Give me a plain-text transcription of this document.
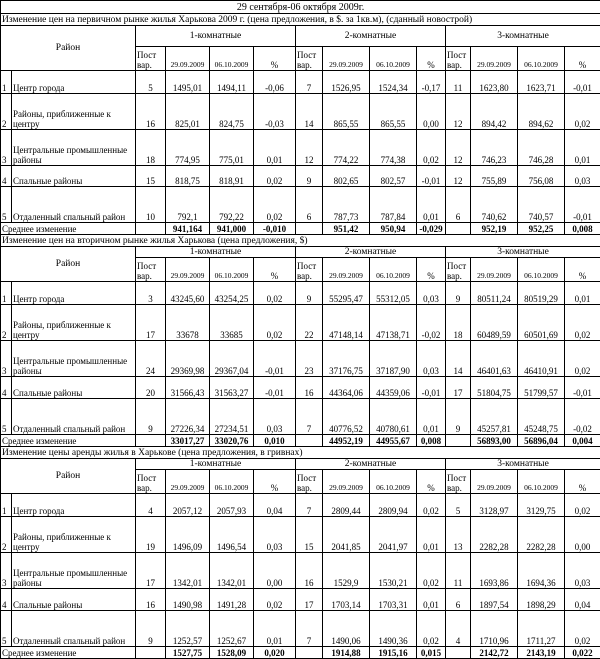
29 сентября-06 октября 2009г.													
Изменение цен на первичном рынке жилья Харькова 2009 г. (цена предложения, в $. за 1кв.м), (сданный новострой)													
Район		1-комнатные				2-комнатные				3-комнатные			
		Пост вар.	29.09.2009	06.10.2009	%	Пост вар.	29.09.2009	06.10.2009	%	Пост вар.	29.09.2009	06.10.2009	%
1	Центр города	5	1495,01	1494,11	-0,06	7	1526,95	1524,34	-0,17	11	1623,80	1623,71	-0,01
2	Районы, приближенные к центру	16	825,01	824,75	-0,03	14	865,55	865,55	0,00	12	894,42	894,62	0,02
3	Центральные промышленные районы	18	774,95	775,01	0,01	12	774,22	774,38	0,02	12	746,23	746,28	0,01
4	Спальные районы	15	818,75	818,91	0,02	9	802,65	802,57	-0,01	12	755,89	756,08	0,03
5	Отдаленный спальный район	10	792,1	792,22	0,02	6	787,73	787,84	0,01	6	740,62	740,57	-0,01
Среднее изменение			941,164	941,000	-0,010		951,42	950,94	-0,029		952,19	952,25	0,008
Изменение цен на вторичном рынке жилья Харькова (цена предложения, $)													
Район		1-комнатные				2-комнатные				3-комнатные			
		Пост вар.	29.09.2009	06.10.2009	%	Пост вар.	29.09.2009	06.10.2009	%	Пост вар.	29.09.2009	06.10.2009	%
1	Центр города	3	43245,60	43254,25	0,02	9	55295,47	55312,05	0,03	9	80511,24	80519,29	0,01
2	Районы, приближенные к центру	17	33678	33685	0,02	22	47148,14	47138,71	-0,02	18	60489,59	60501,69	0,02
3	Центральные промышленные районы	24	29369,98	29367,04	-0,01	23	37176,75	37187,90	0,03	14	46401,63	46410,91	0,02
4	Спальные районы	20	31566,43	31563,27	-0,01	16	44364,06	44359,06	-0,01	17	51804,75	51799,57	-0,01
5	Отдаленный спальный район	9	27226,34	27234,51	0,03	7	40776,52	40780,61	0,01	9	45257,81	45248,75	-0,02
Среднее изменение			33017,27	33020,76	0,010		44952,19	44955,67	0,008		56893,00	56896,04	0,004
Изменение цены аренды жилья в Харькове (цена предложения, в гривнах)													
Район		1-комнатные				2-комнатные				3-комнатные			
		Пост вар.	29.09.2009	06.10.2009	%	Пост вар.	29.09.2009	06.10.2009	%	Пост вар.	29.09.2009	06.10.2009	%
1	Центр города	4	2057,12	2057,93	0,04	7	2809,44	2809,94	0,02	5	3128,97	3129,75	0,02
2	Районы, приближенные к центру	19	1496,09	1496,54	0,03	15	2041,85	2041,97	0,01	13	2282,28	2282,28	0,00
3	Центральные промышленные районы	17	1342,01	1342,01	0,00	16	1529,9	1530,21	0,02	11	1693,86	1694,36	0,03
4	Спальные районы	16	1490,98	1491,28	0,02	17	1703,14	1703,31	0,01	6	1897,54	1898,29	0,04
5	Отдаленный спальный район	9	1252,57	1252,67	0,01	7	1490,06	1490,36	0,02	4	1710,96	1711,27	0,02
Среднее изменение			1527,75	1528,09	0,020		1914,88	1915,16	0,015		2142,72	2143,19	0,022
